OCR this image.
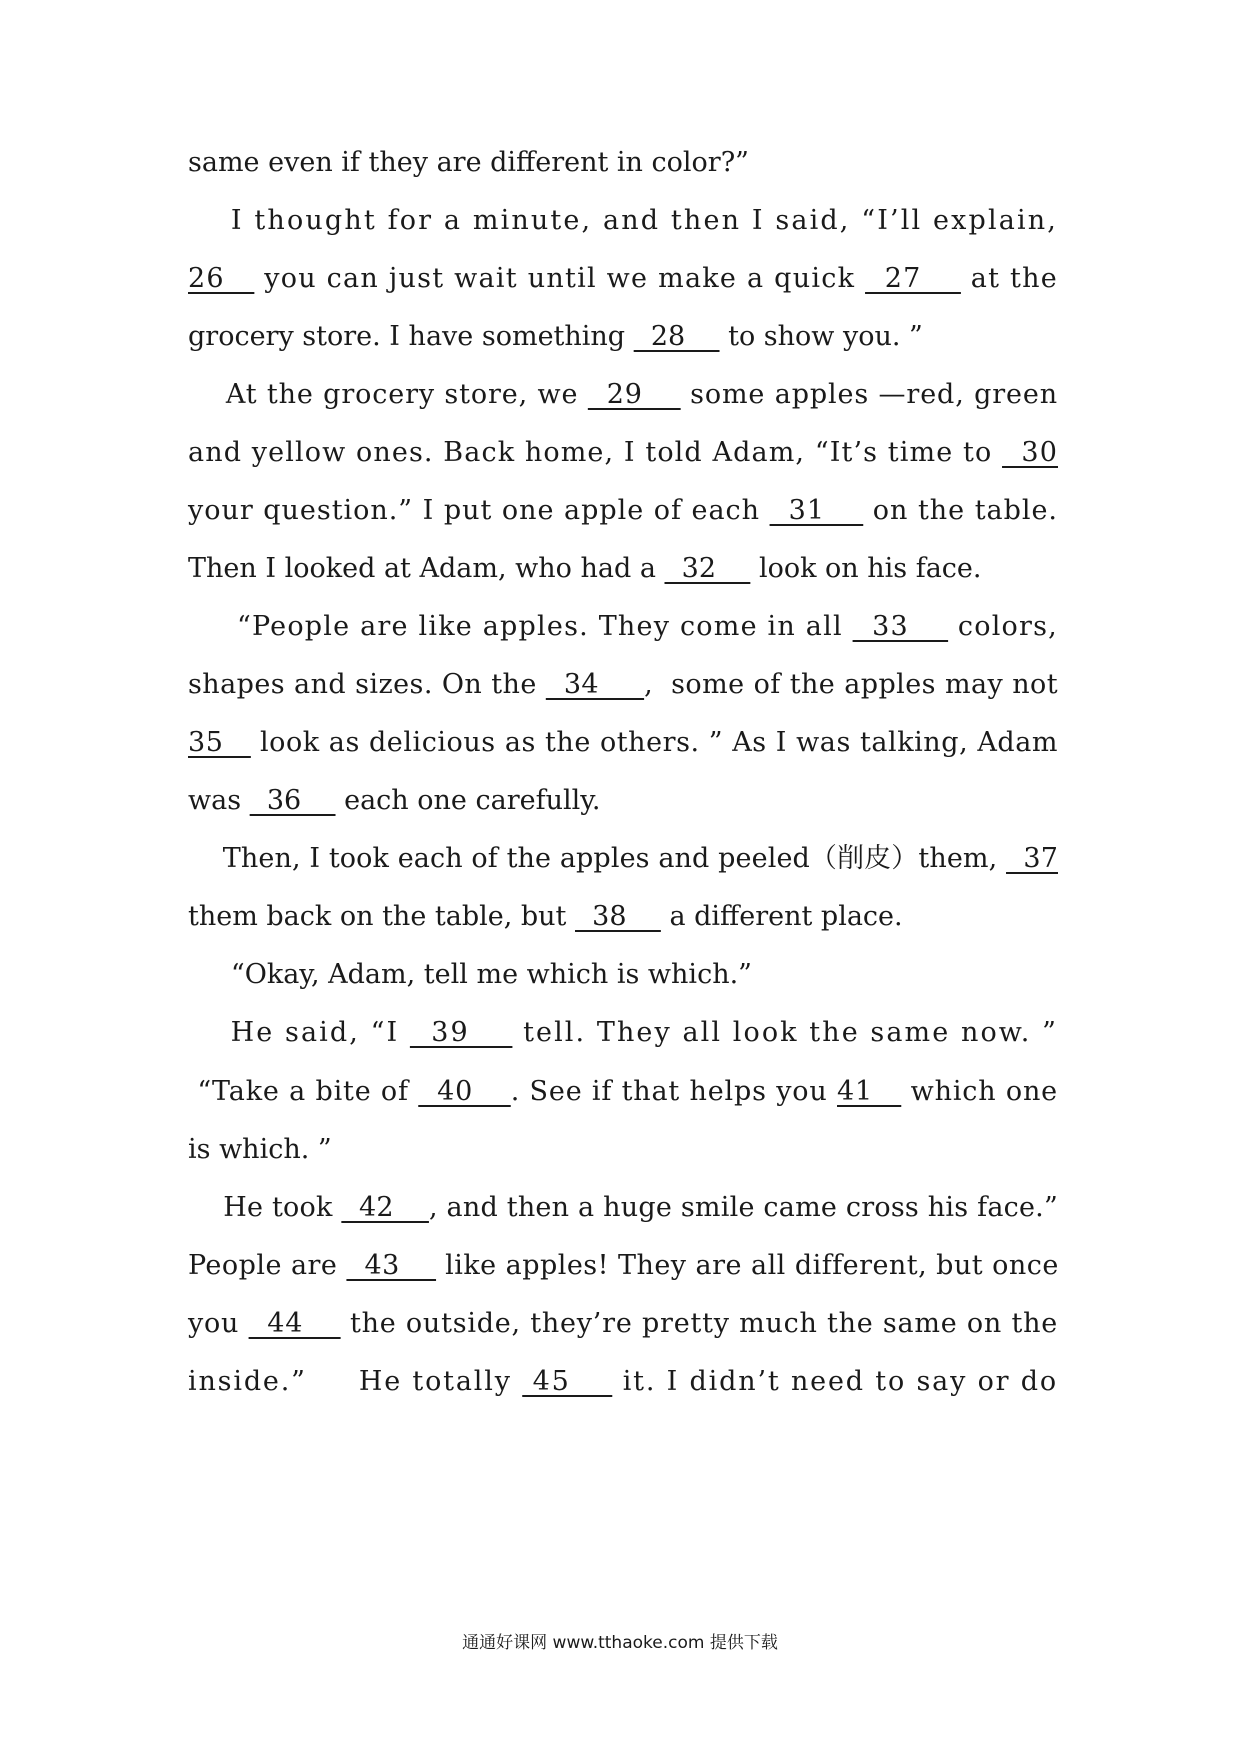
same even if they are different in color?”
I thought for a minute, and then I said, “I’ll explain,
26    you can just wait until we make a quick   27     at the
grocery store. I have something   28     to show you. ”
At the grocery store, we   29     some apples —red, green
and yellow ones. Back home, I told Adam, “It’s time to   30
your question.” I put one apple of each   31     on the table.
Then I looked at Adam, who had a   32     look on his face.
“People are like apples. They come in all   33     colors,
shapes and sizes. On the   34     ,  some of the apples may not
35    look as delicious as the others. ” As I was talking, Adam
was   36     each one carefully.
Then, I took each of the apples and peeled（削皮）them,   37
them back on the table, but   38     a different place.
“Okay, Adam, tell me which is which.”
He said, “I   39     tell. They all look the same now. ”
“Take a bite of   40    . See if that helps you 41    which one
is which. ”
He took   42    , and then a huge smile came cross his face.”
People are   43     like apples! They are all different, but once
you   44     the outside, they’re pretty much the same on the
inside.”     He totally  45     it. I didn’t need to say or do
通通好课网 www.tthaoke.com 提供下载
